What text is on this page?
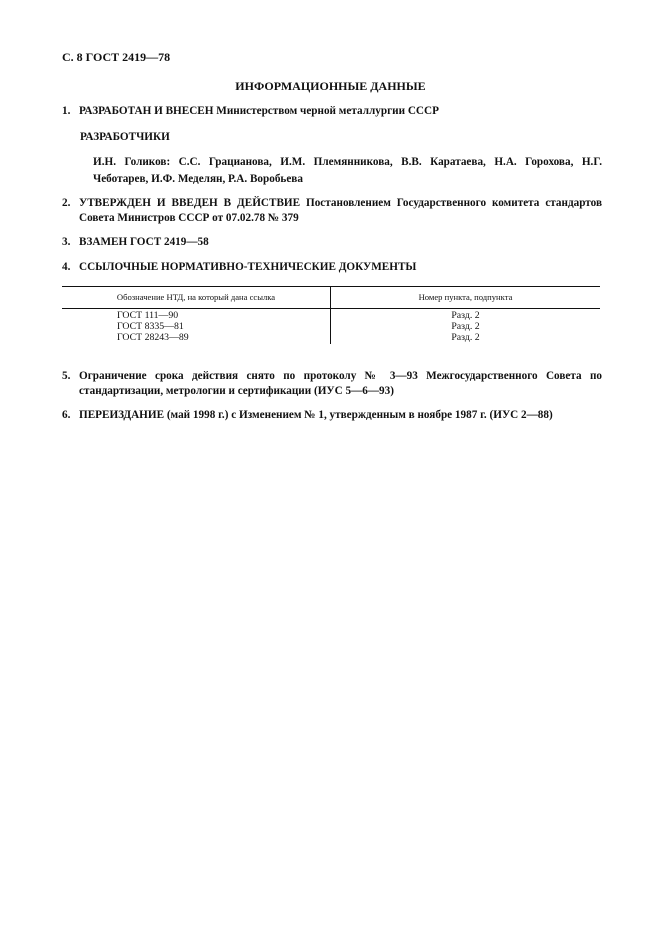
С. 8 ГОСТ 2419—78
ИНФОРМАЦИОННЫЕ ДАННЫЕ
1. РАЗРАБОТАН И ВНЕСЕН Министерством черной металлургии СССР
РАЗРАБОТЧИКИ
И.Н. Голиков: С.С. Грацианова, И.М. Племянникова, В.В. Каратаева, Н.А. Горохова, Н.Г. Чеботарев, И.Ф. Меделян, Р.А. Воробьева
2. УТВЕРЖДЕН И ВВЕДЕН В ДЕЙСТВИЕ Постановлением Государственного комитета стандартов Совета Министров СССР от 07.02.78 № 379
3. ВЗАМЕН ГОСТ 2419—58
4. ССЫЛОЧНЫЕ НОРМАТИВНО-ТЕХНИЧЕСКИЕ ДОКУМЕНТЫ
Обозначение НТД, на который дана ссылка	Номер пункта, подпункта
ГОСТ 111—90	Разд. 2
ГОСТ 8335—81	Разд. 2
ГОСТ 28243—89	Разд. 2
5. Ограничение срока действия снято по протоколу № 3—93 Межгосударственного Совета по стандартизации, метрологии и сертификации (ИУС 5—6—93)
6. ПЕРЕИЗДАНИЕ (май 1998 г.) с Изменением № 1, утвержденным в ноябре 1987 г. (ИУС 2—88)
